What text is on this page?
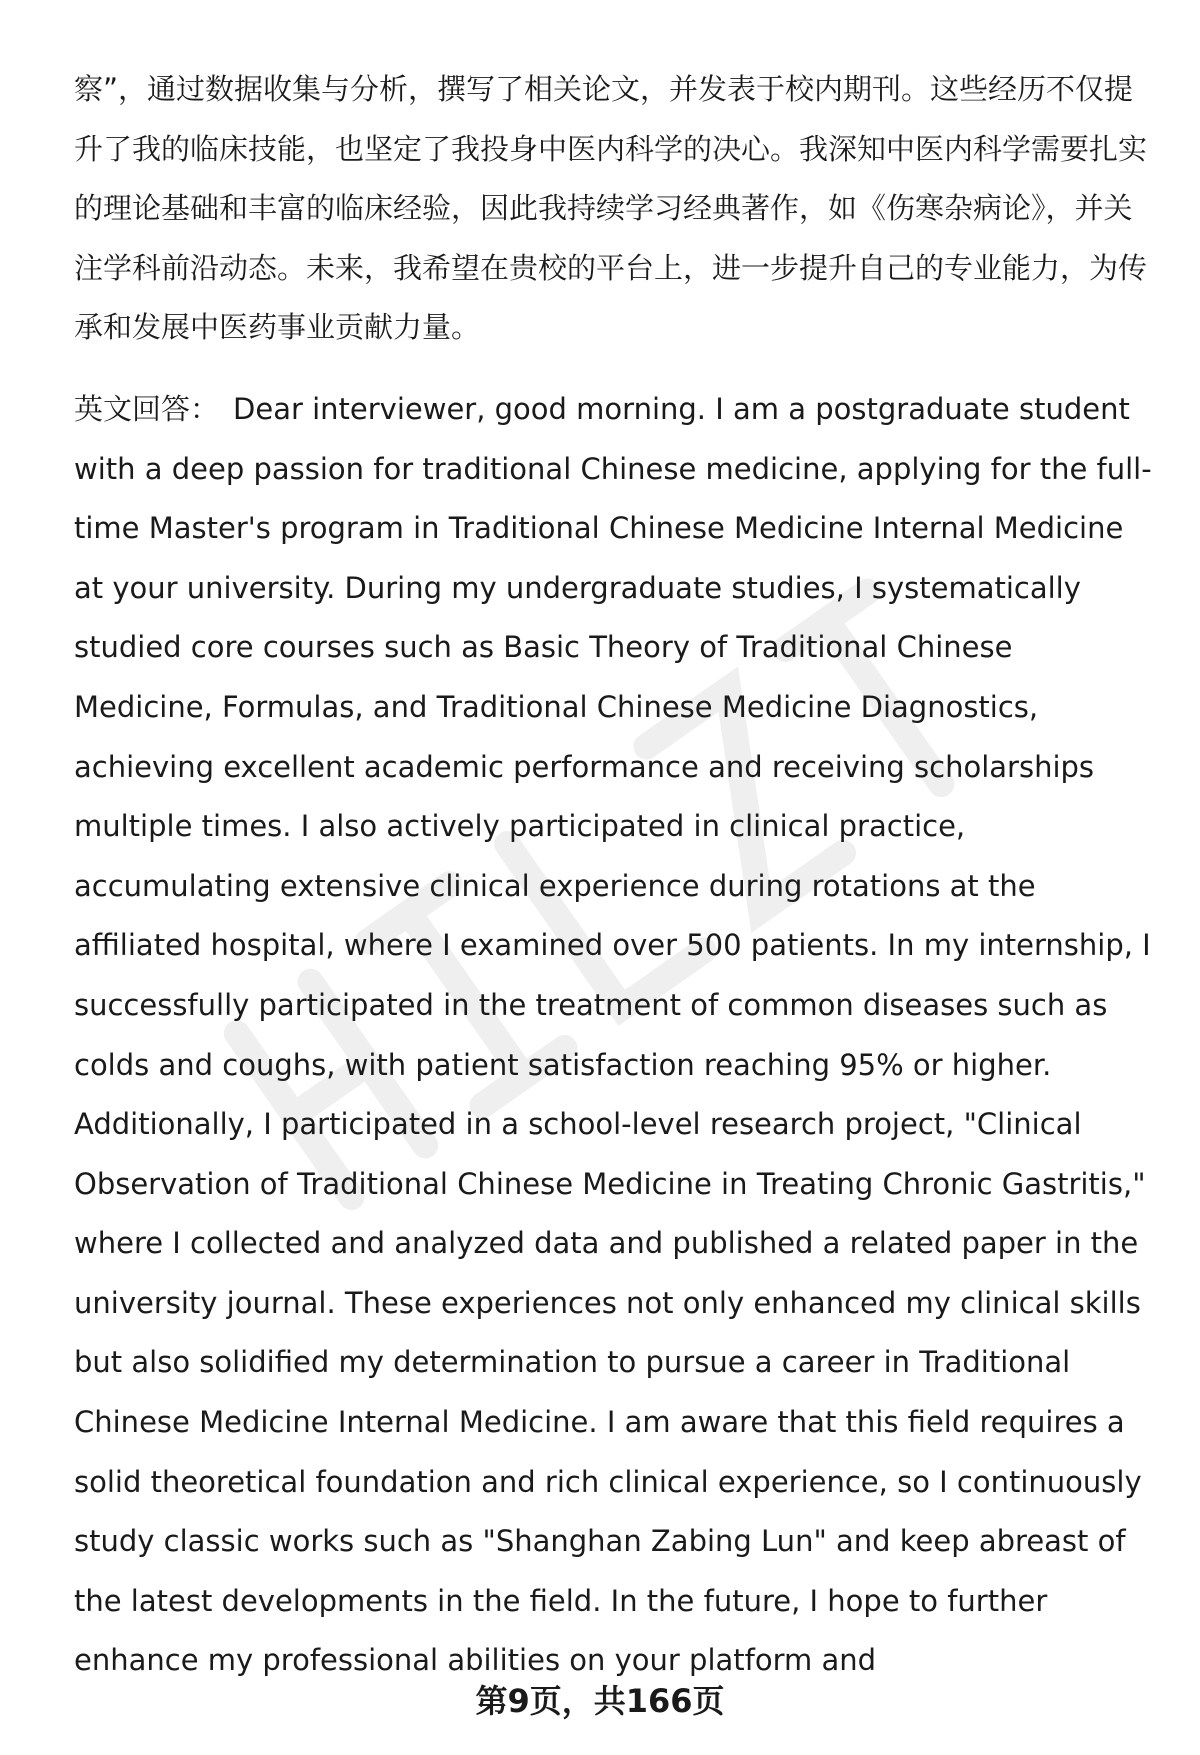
察”，通过数据收集与分析，撰写了相关论文，并发表于校内期刊。这些经历不仅提升了我的临床技能，也坚定了我投身中医内科学的决心。我深知中医内科学需要扎实的理论基础和丰富的临床经验，因此我持续学习经典著作，如《伤寒杂病论》，并关注学科前沿动态。未来，我希望在贵校的平台上，进一步提升自己的专业能力，为传承和发展中医药事业贡献力量。

英文回答： Dear interviewer, good morning. I am a postgraduate student with a deep passion for traditional Chinese medicine, applying for the full-time Master's program in Traditional Chinese Medicine Internal Medicine at your university. During my undergraduate studies, I systematically studied core courses such as Basic Theory of Traditional Chinese Medicine, Formulas, and Traditional Chinese Medicine Diagnostics, achieving excellent academic performance and receiving scholarships multiple times. I also actively participated in clinical practice, accumulating extensive clinical experience during rotations at the affiliated hospital, where I examined over 500 patients. In my internship, I successfully participated in the treatment of common diseases such as colds and coughs, with patient satisfaction reaching 95% or higher. Additionally, I participated in a school-level research project, "Clinical Observation of Traditional Chinese Medicine in Treating Chronic Gastritis," where I collected and analyzed data and published a related paper in the university journal. These experiences not only enhanced my clinical skills but also solidified my determination to pursue a career in Traditional Chinese Medicine Internal Medicine. I am aware that this field requires a solid theoretical foundation and rich clinical experience, so I continuously study classic works such as "Shanghan Zabing Lun" and keep abreast of the latest developments in the field. In the future, I hope to further enhance my professional abilities on your platform and

第9页，共166页
